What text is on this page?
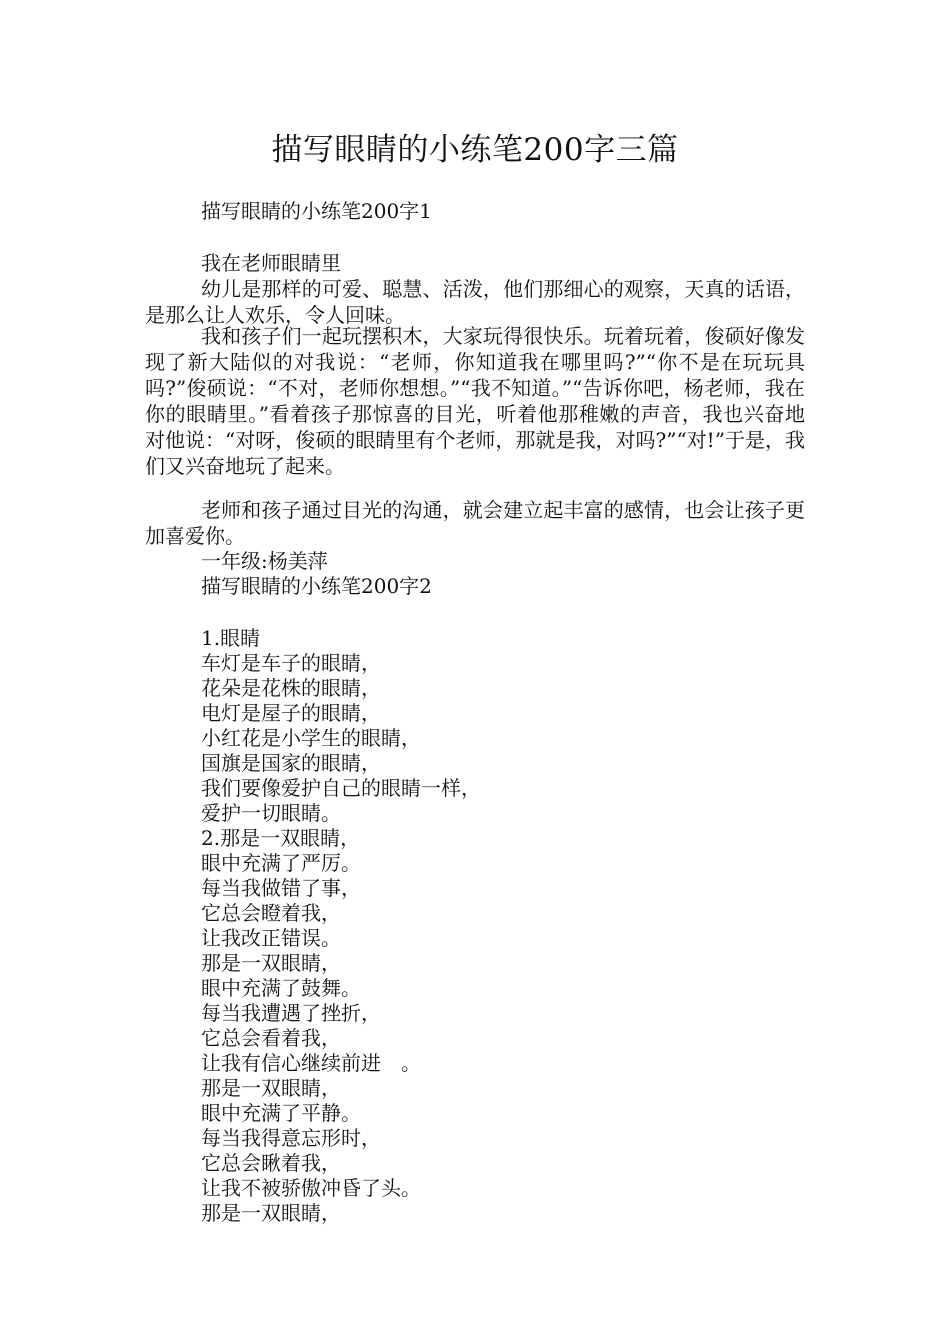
描写眼睛的小练笔200字三篇
描写眼睛的小练笔200字1
我在老师眼睛里
幼儿是那样的可爱、聪慧、活泼，他们那细心的观察，天真的话语，是那么让人欢乐，令人回味。
我和孩子们一起玩摆积木，大家玩得很快乐。玩着玩着，俊硕好像发现了新大陆似的对我说：“老师，你知道我在哪里吗?”“你不是在玩玩具吗?”俊硕说：“不对，老师你想想。”“我不知道。”“告诉你吧，杨老师，我在你的眼睛里。”看着孩子那惊喜的目光，听着他那稚嫩的声音，我也兴奋地对他说：“对呀，俊硕的眼睛里有个老师，那就是我，对吗?”“对!”于是，我们又兴奋地玩了起来。
老师和孩子通过目光的沟通，就会建立起丰富的感情，也会让孩子更加喜爱你。
一年级:杨美萍
描写眼睛的小练笔200字2
1.眼睛
车灯是车子的眼睛，
花朵是花株的眼睛，
电灯是屋子的眼睛，
小红花是小学生的眼睛，
国旗是国家的眼睛，
我们要像爱护自己的眼睛一样，
爱护一切眼睛。
2.那是一双眼睛，
眼中充满了严厉。
每当我做错了事，
它总会瞪着我，
让我改正错误。
那是一双眼睛，
眼中充满了鼓舞。
每当我遭遇了挫折，
它总会看着我，
让我有信心继续前进　。
那是一双眼睛，
眼中充满了平静。
每当我得意忘形时，
它总会瞅着我，
让我不被骄傲冲昏了头。
那是一双眼睛，
